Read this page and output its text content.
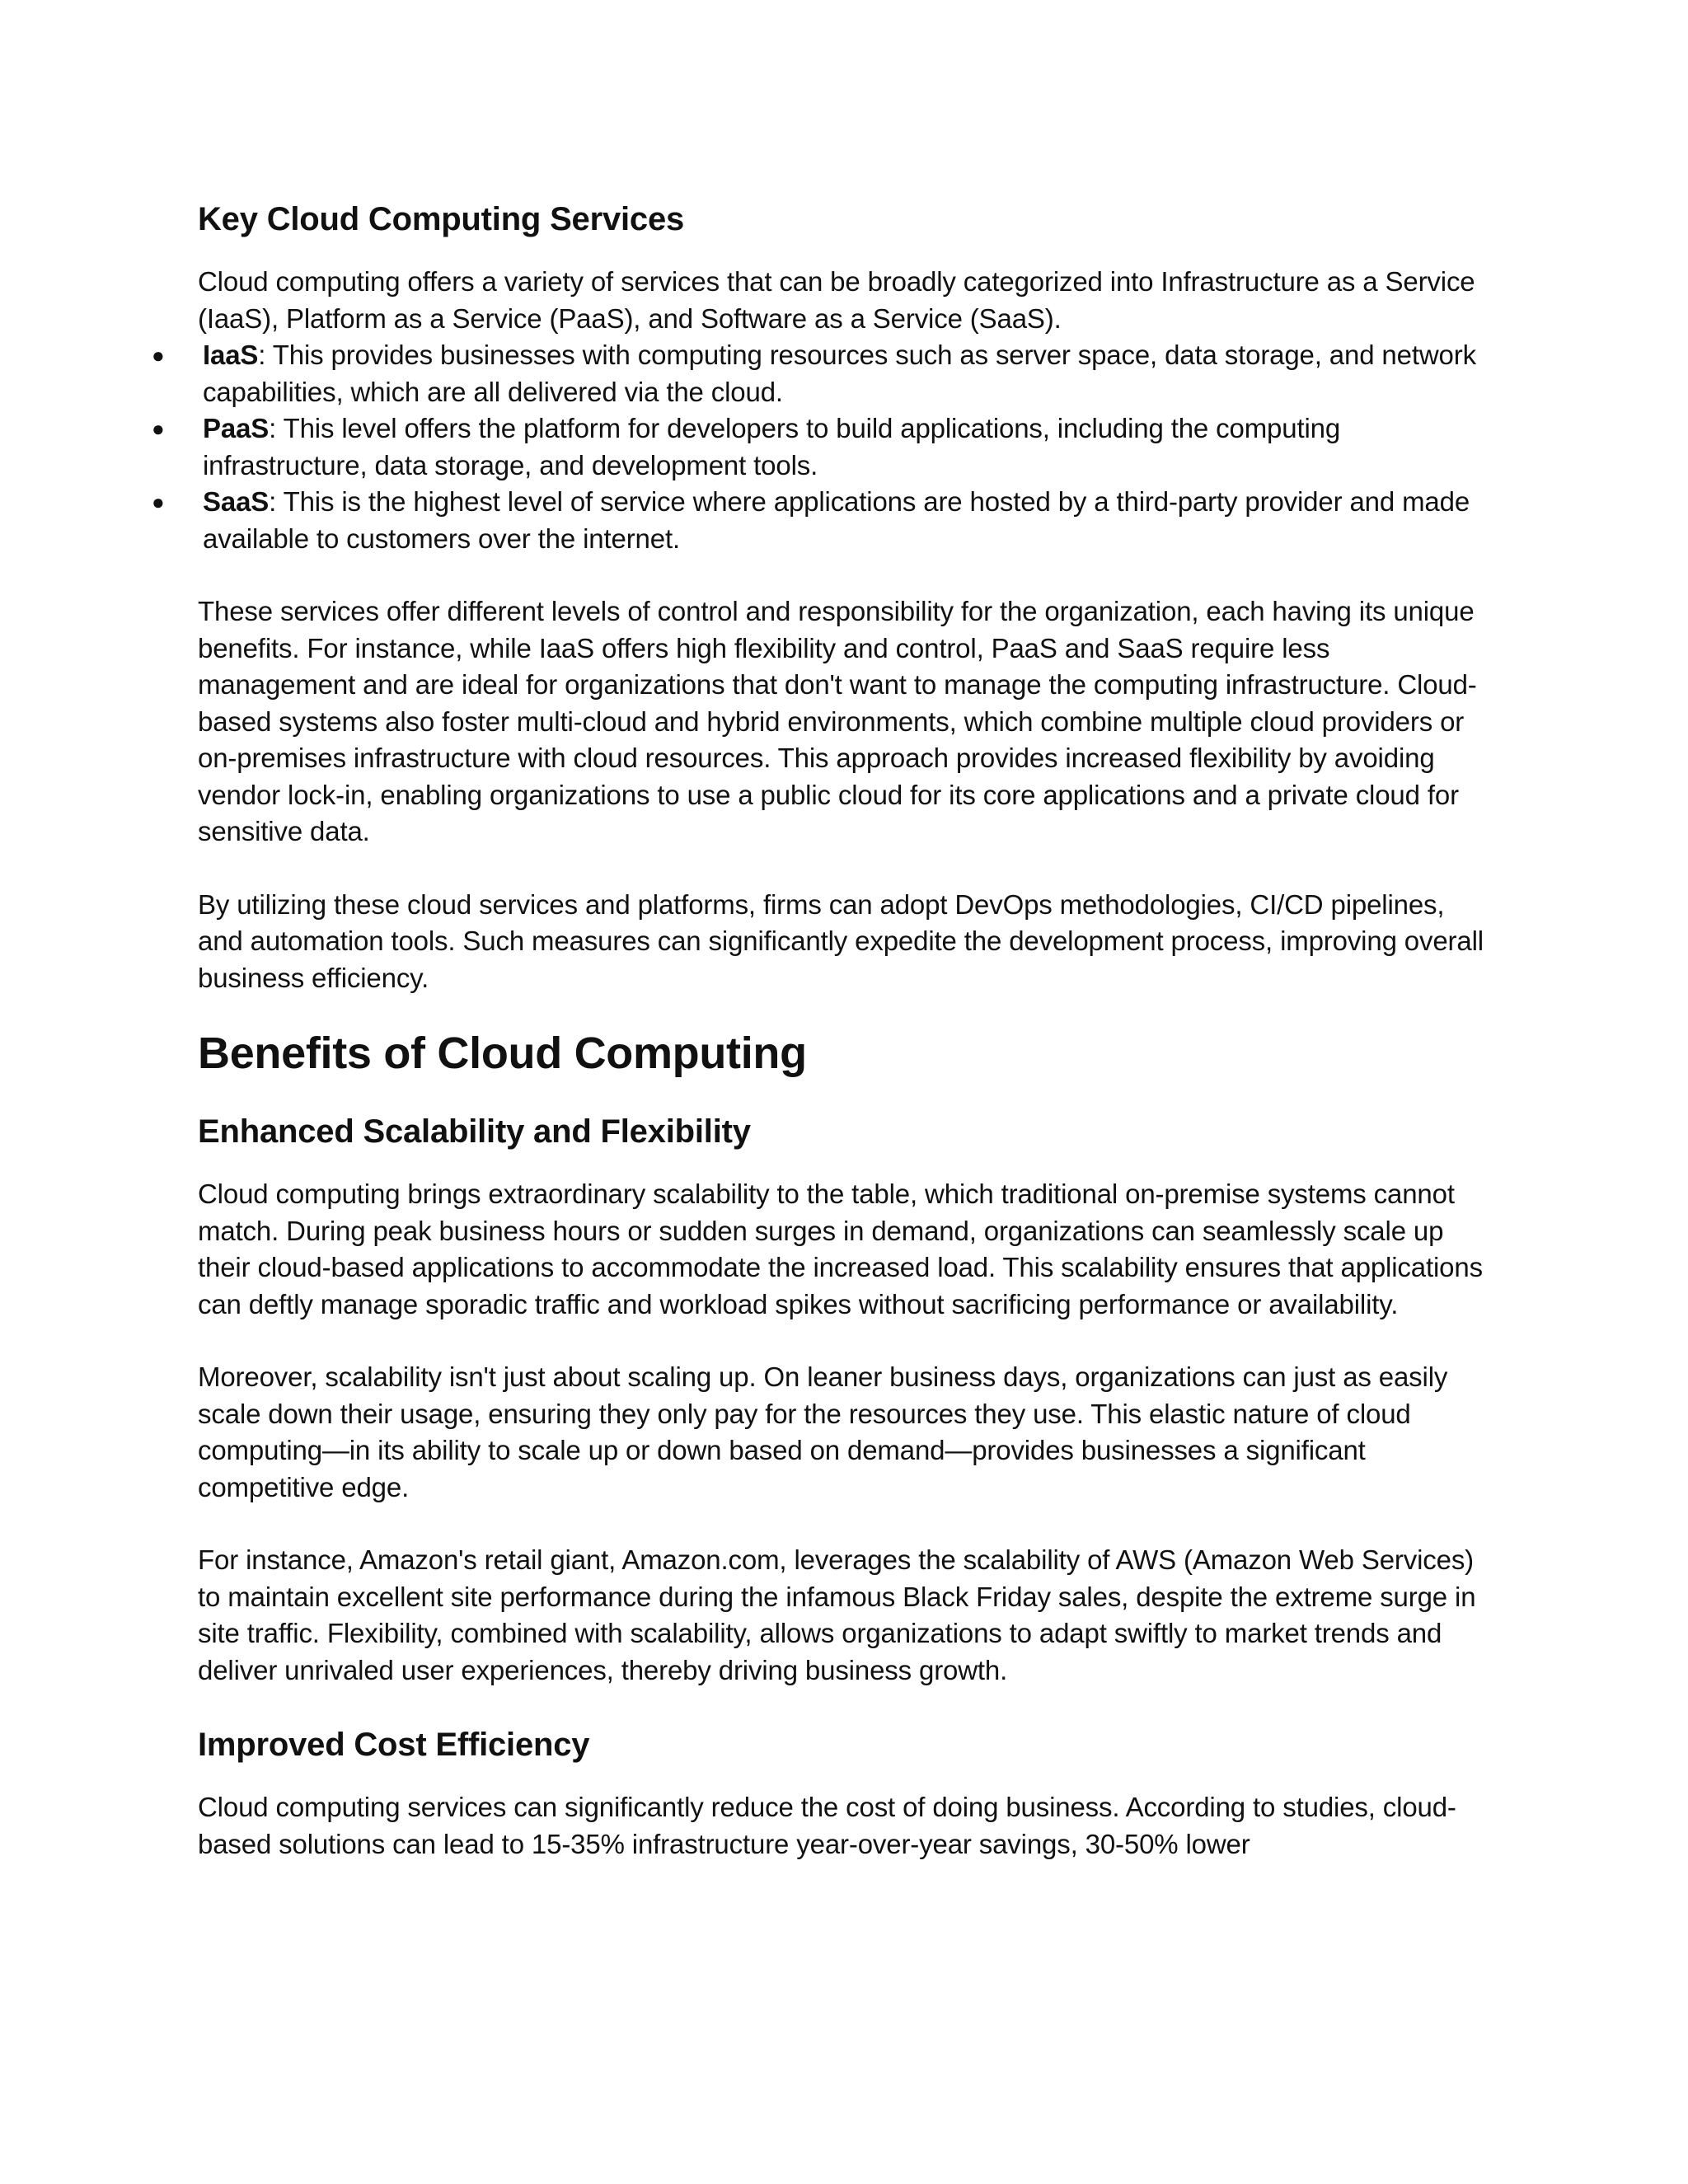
Key Cloud Computing Services

Cloud computing offers a variety of services that can be broadly categorized into Infrastructure as a Service (IaaS), Platform as a Service (PaaS), and Software as a Service (SaaS).

● IaaS: This provides businesses with computing resources such as server space, data storage, and network capabilities, which are all delivered via the cloud.
● PaaS: This level offers the platform for developers to build applications, including the computing infrastructure, data storage, and development tools.
● SaaS: This is the highest level of service where applications are hosted by a third-party provider and made available to customers over the internet.

These services offer different levels of control and responsibility for the organization, each having its unique benefits. For instance, while IaaS offers high flexibility and control, PaaS and SaaS require less management and are ideal for organizations that don't want to manage the computing infrastructure. Cloud-based systems also foster multi-cloud and hybrid environments, which combine multiple cloud providers or on-premises infrastructure with cloud resources. This approach provides increased flexibility by avoiding vendor lock-in, enabling organizations to use a public cloud for its core applications and a private cloud for sensitive data.

By utilizing these cloud services and platforms, firms can adopt DevOps methodologies, CI/CD pipelines, and automation tools. Such measures can significantly expedite the development process, improving overall business efficiency.

Benefits of Cloud Computing
Enhanced Scalability and Flexibility

Cloud computing brings extraordinary scalability to the table, which traditional on-premise systems cannot match. During peak business hours or sudden surges in demand, organizations can seamlessly scale up their cloud-based applications to accommodate the increased load. This scalability ensures that applications can deftly manage sporadic traffic and workload spikes without sacrificing performance or availability.

Moreover, scalability isn't just about scaling up. On leaner business days, organizations can just as easily scale down their usage, ensuring they only pay for the resources they use. This elastic nature of cloud computing—in its ability to scale up or down based on demand—provides businesses a significant competitive edge.

For instance, Amazon's retail giant, Amazon.com, leverages the scalability of AWS (Amazon Web Services) to maintain excellent site performance during the infamous Black Friday sales, despite the extreme surge in site traffic. Flexibility, combined with scalability, allows organizations to adapt swiftly to market trends and deliver unrivaled user experiences, thereby driving business growth.

Improved Cost Efficiency

Cloud computing services can significantly reduce the cost of doing business. According to studies, cloud-based solutions can lead to 15-35% infrastructure year-over-year savings, 30-50% lower
